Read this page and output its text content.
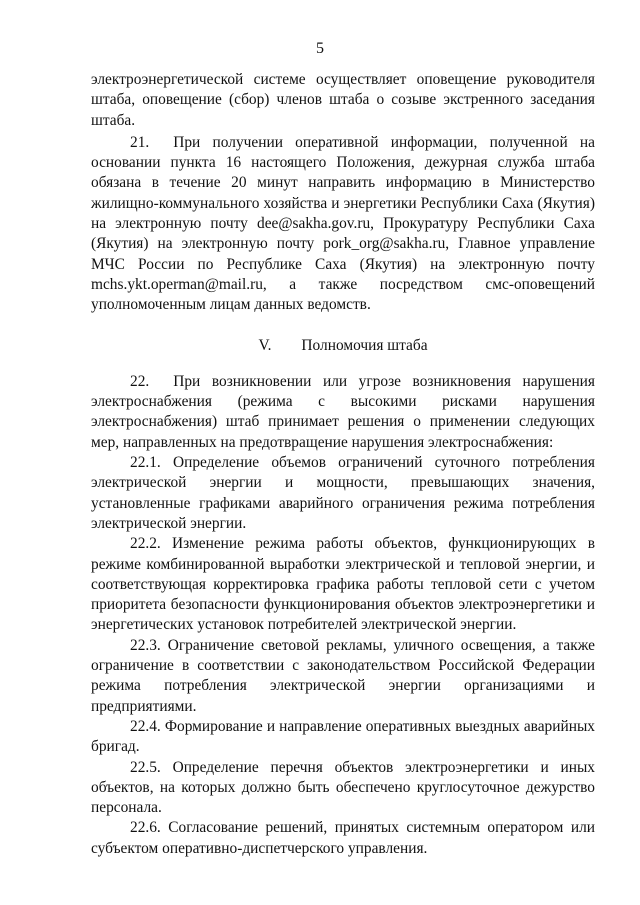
5

электроэнергетической системе осуществляет оповещение руководителя штаба, оповещение (сбор) членов штаба о созыве экстренного заседания штаба.

21. При получении оперативной информации, полученной на основании пункта 16 настоящего Положения, дежурная служба штаба обязана в течение 20 минут направить информацию в Министерство жилищно-коммунального хозяйства и энергетики Республики Саха (Якутия) на электронную почту dee@sakha.gov.ru, Прокуратуру Республики Саха (Якутия) на электронную почту pork_org@sakha.ru, Главное управление МЧС России по Республике Саха (Якутия) на электронную почту mchs.ykt.operman@mail.ru, а также посредством смс-оповещений уполномоченным лицам данных ведомств.

V. Полномочия штаба

22. При возникновении или угрозе возникновения нарушения электроснабжения (режима с высокими рисками нарушения электроснабжения) штаб принимает решения о применении следующих мер, направленных на предотвращение нарушения электроснабжения:

22.1. Определение объемов ограничений суточного потребления электрической энергии и мощности, превышающих значения, установленные графиками аварийного ограничения режима потребления электрической энергии.

22.2. Изменение режима работы объектов, функционирующих в режиме комбинированной выработки электрической и тепловой энергии, и соответствующая корректировка графика работы тепловой сети с учетом приоритета безопасности функционирования объектов электроэнергетики и энергетических установок потребителей электрической энергии.

22.3. Ограничение световой рекламы, уличного освещения, а также ограничение в соответствии с законодательством Российской Федерации режима потребления электрической энергии организациями и предприятиями.

22.4. Формирование и направление оперативных выездных аварийных бригад.

22.5. Определение перечня объектов электроэнергетики и иных объектов, на которых должно быть обеспечено круглосуточное дежурство персонала.

22.6. Согласование решений, принятых системным оператором или субъектом оперативно-диспетчерского управления.
